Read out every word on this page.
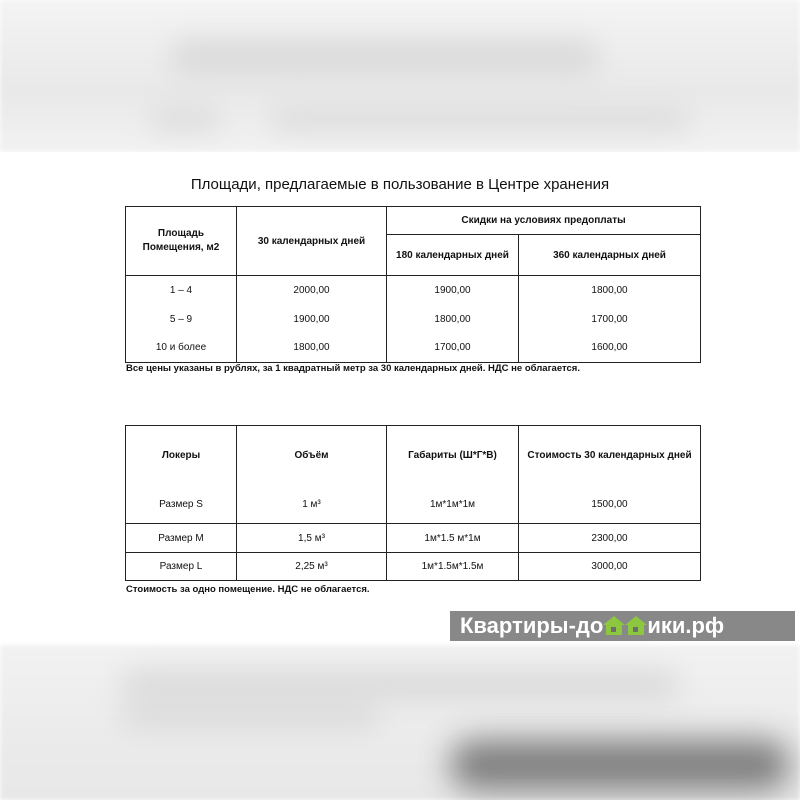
Площади, предлагаемые в пользование в Центре хранения
Площадь Помещения, м2	30 календарных дней	Скидки на условиях предоплаты	
		180 календарных дней	360 календарных дней
1 – 4	2000,00	1900,00	1800,00
5 – 9	1900,00	1800,00	1700,00
10 и более	1800,00	1700,00	1600,00
Все цены указаны в рублях, за 1 квадратный метр за 30 календарных дней. НДС не облагается.
Локеры	Объём	Габариты (Ш*Г*В)	Стоимость 30 календарных дней
Размер S	1 м³	1м*1м*1м	1500,00
Размер M	1,5 м³	1м*1.5 м*1м	2300,00
Размер L	2,25 м³	1м*1.5м*1.5м	3000,00
Стоимость за одно помещение. НДС не облагается.
Квартиры-до ики.рф
